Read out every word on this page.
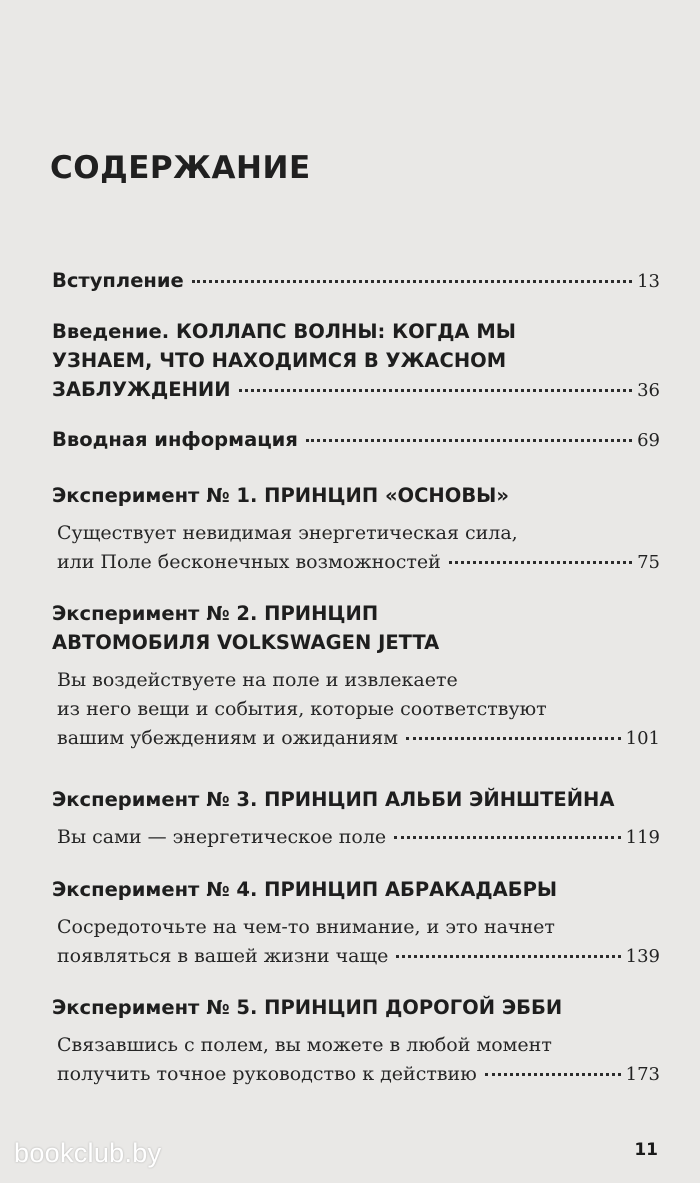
СОДЕРЖАНИЕ
Вступление	13
Введение. КОЛЛАПС ВОЛНЫ: КОГДА МЫ
УЗНАЕМ, ЧТО НАХОДИМСЯ В УЖАСНОМ
ЗАБЛУЖДЕНИИ	36
Вводная информация	69
Эксперимент № 1. ПРИНЦИП «ОСНОВЫ»
Существует невидимая энергетическая сила,
или Поле бесконечных возможностей	75
Эксперимент № 2. ПРИНЦИП
АВТОМОБИЛЯ VOLKSWAGEN JETTA
Вы воздействуете на поле и извлекаете
из него вещи и события, которые соответствуют
вашим убеждениям и ожиданиям	101
Эксперимент № 3. ПРИНЦИП АЛЬБИ ЭЙНШТЕЙНА
Вы сами — энергетическое поле	119
Эксперимент № 4. ПРИНЦИП АБРАКАДАБРЫ
Сосредоточьте на чем-то внимание, и это начнет
появляться в вашей жизни чаще	139
Эксперимент № 5. ПРИНЦИП ДОРОГОЙ ЭББИ
Связавшись с полем, вы можете в любой момент
получить точное руководство к действию	173
11
bookclub.by
